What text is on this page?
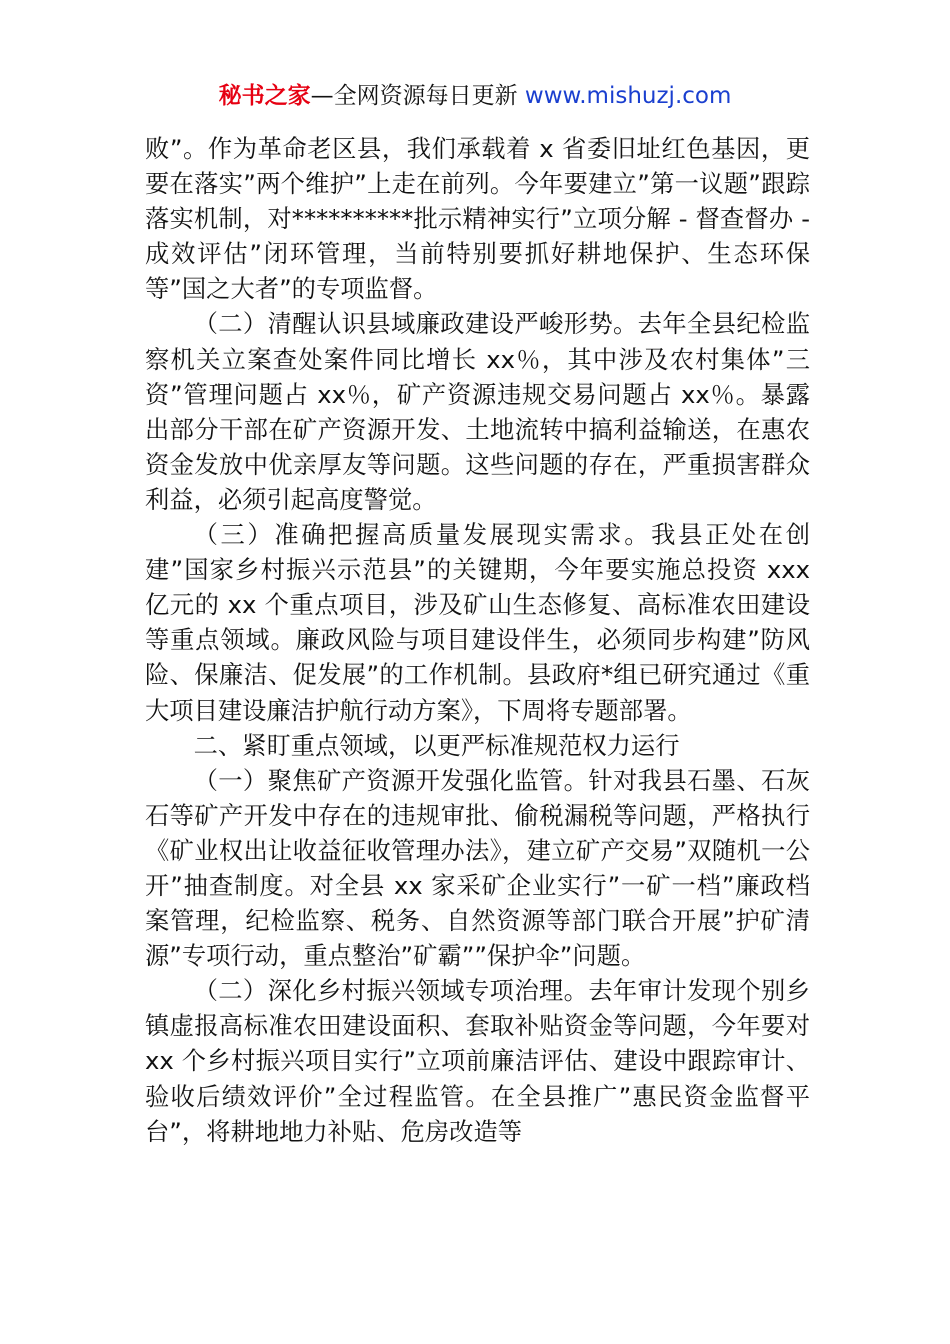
秘书之家—全网资源每日更新 www.mishuzj.com

败”。作为革命老区县，我们承载着 x 省委旧址红色基因，更要在落实”两个维护”上走在前列。今年要建立”第一议题”跟踪落实机制，对**********批示精神实行”立项分解 - 督查督办 - 成效评估”闭环管理，当前特别要抓好耕地保护、生态环保等”国之大者”的专项监督。

（二）清醒认识县域廉政建设严峻形势。去年全县纪检监察机关立案查处案件同比增长 xx％，其中涉及农村集体”三资”管理问题占 xx％，矿产资源违规交易问题占 xx％。暴露出部分干部在矿产资源开发、土地流转中搞利益输送，在惠农资金发放中优亲厚友等问题。这些问题的存在，严重损害群众利益，必须引起高度警觉。

（三）准确把握高质量发展现实需求。我县正处在创建”国家乡村振兴示范县”的关键期，今年要实施总投资 xxx 亿元的 xx 个重点项目，涉及矿山生态修复、高标准农田建设等重点领域。廉政风险与项目建设伴生，必须同步构建”防风险、保廉洁、促发展”的工作机制。县政府*组已研究通过《重大项目建设廉洁护航行动方案》，下周将专题部署。

二、紧盯重点领域，以更严标准规范权力运行

（一）聚焦矿产资源开发强化监管。针对我县石墨、石灰石等矿产开发中存在的违规审批、偷税漏税等问题，严格执行《矿业权出让收益征收管理办法》，建立矿产交易”双随机一公开”抽查制度。对全县 xx 家采矿企业实行”一矿一档”廉政档案管理，纪检监察、税务、自然资源等部门联合开展”护矿清源”专项行动，重点整治”矿霸””保护伞”问题。

（二）深化乡村振兴领域专项治理。去年审计发现个别乡镇虚报高标准农田建设面积、套取补贴资金等问题，今年要对 xx 个乡村振兴项目实行”立项前廉洁评估、建设中跟踪审计、验收后绩效评价”全过程监管。在全县推广”惠民资金监督平台”，将耕地地力补贴、危房改造等
